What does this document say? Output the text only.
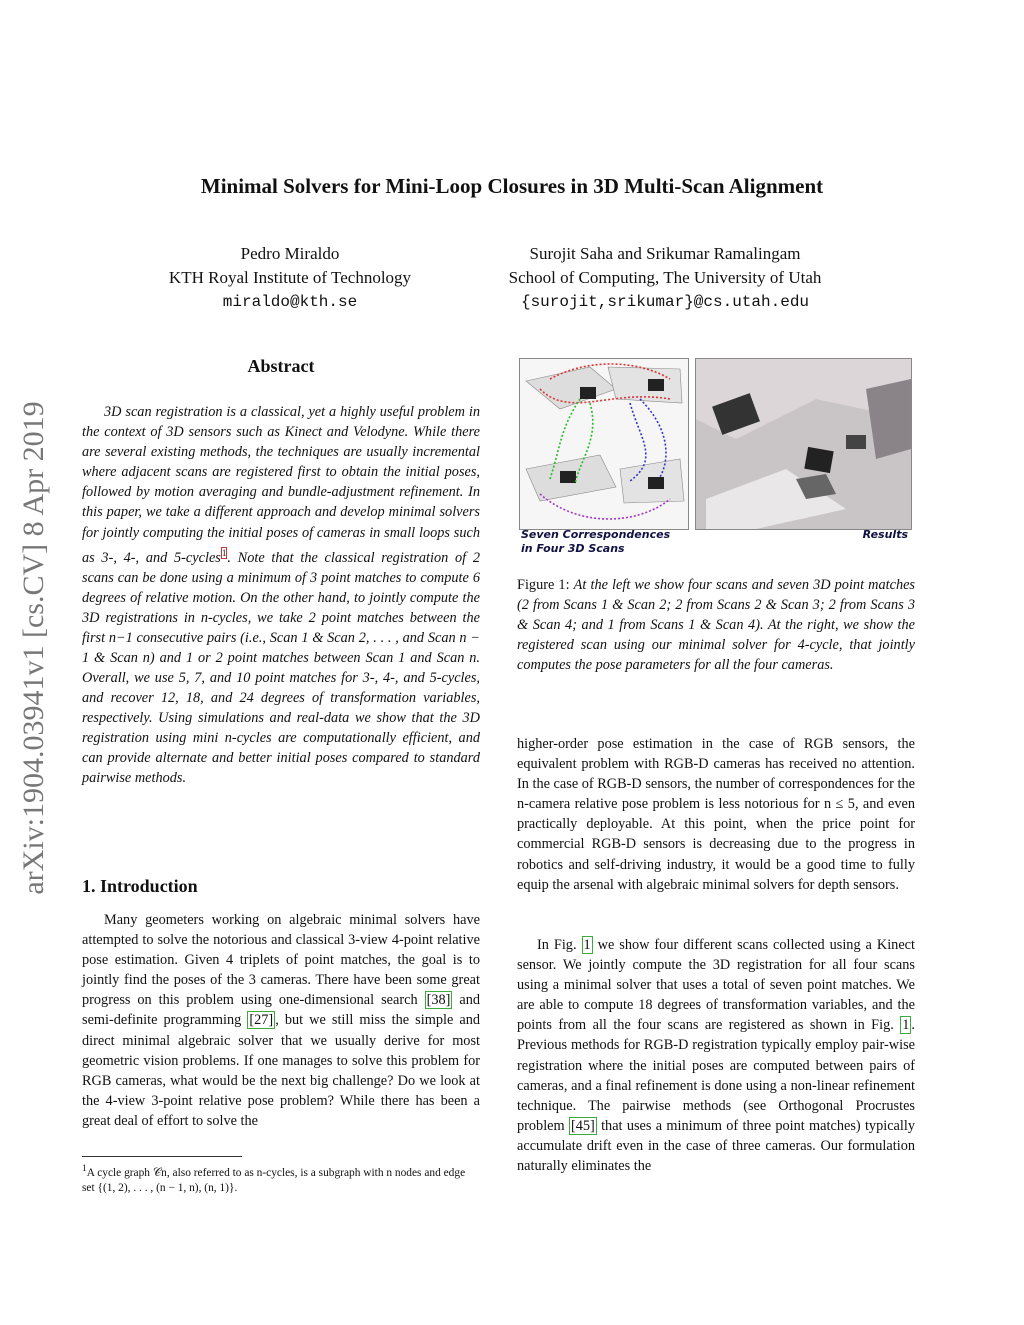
arXiv:1904.03941v1 [cs.CV] 8 Apr 2019
Minimal Solvers for Mini-Loop Closures in 3D Multi-Scan Alignment
Pedro Miraldo
KTH Royal Institute of Technology
miraldo@kth.se
Surojit Saha and Srikumar Ramalingam
School of Computing, The University of Utah
{surojit,srikumar}@cs.utah.edu
Abstract
3D scan registration is a classical, yet a highly useful problem in the context of 3D sensors such as Kinect and Velodyne. While there are several existing methods, the techniques are usually incremental where adjacent scans are registered first to obtain the initial poses, followed by motion averaging and bundle-adjustment refinement. In this paper, we take a different approach and develop minimal solvers for jointly computing the initial poses of cameras in small loops such as 3-, 4-, and 5-cycles$^1$. Note that the classical registration of 2 scans can be done using a minimum of 3 point matches to compute 6 degrees of relative motion. On the other hand, to jointly compute the 3D registrations in n-cycles, we take 2 point matches between the first n−1 consecutive pairs (i.e., Scan 1 & Scan 2, . . . , and Scan n − 1 & Scan n) and 1 or 2 point matches between Scan 1 and Scan n. Overall, we use 5, 7, and 10 point matches for 3-, 4-, and 5-cycles, and recover 12, 18, and 24 degrees of transformation variables, respectively. Using simulations and real-data we show that the 3D registration using mini n-cycles are computationally efficient, and can provide alternate and better initial poses compared to standard pairwise methods.
1. Introduction
Many geometers working on algebraic minimal solvers have attempted to solve the notorious and classical 3-view 4-point relative pose estimation. Given 4 triplets of point matches, the goal is to jointly find the poses of the 3 cameras. There have been some great progress on this problem using one-dimensional search [38] and semi-definite programming [27] , but we still miss the simple and direct minimal algebraic solver that we usually derive for most geometric vision problems. If one manages to solve this problem for RGB cameras, what would be the next big challenge? Do we look at the 4-view 3-point relative pose problem? While there has been a great deal of effort to solve the
$^1$A cycle graph 𝒞n, also referred to as n-cycles, is a subgraph with n nodes and edge set {(1, 2), . . . , (n − 1, n), (n, 1)}.
Seven Correspondences
in Four 3D Scans
Results
Figure 1: At the left we show four scans and seven 3D point matches (2 from Scans 1 & Scan 2; 2 from Scans 2 & Scan 3; 2 from Scans 3 & Scan 4; and 1 from Scans 1 & Scan 4). At the right, we show the registered scan using our minimal solver for 4-cycle, that jointly computes the pose parameters for all the four cameras.
higher-order pose estimation in the case of RGB sensors, the equivalent problem with RGB-D cameras has received no attention. In the case of RGB-D sensors, the number of correspondences for the n-camera relative pose problem is less notorious for n ≤ 5, and even practically deployable. At this point, when the price point for commercial RGB-D sensors is decreasing due to the progress in robotics and self-driving industry, it would be a good time to fully equip the arsenal with algebraic minimal solvers for depth sensors.
In Fig. 1 we show four different scans collected using a Kinect sensor. We jointly compute the 3D registration for all four scans using a minimal solver that uses a total of seven point matches. We are able to compute 18 degrees of transformation variables, and the points from all the four scans are registered as shown in Fig. 1 . Previous methods for RGB-D registration typically employ pair-wise registration where the initial poses are computed between pairs of cameras, and a final refinement is done using a non-linear refinement technique. The pairwise methods (see Orthogonal Procrustes problem [45] that uses a minimum of three point matches) typically accumulate drift even in the case of three cameras. Our formulation naturally eliminates the
